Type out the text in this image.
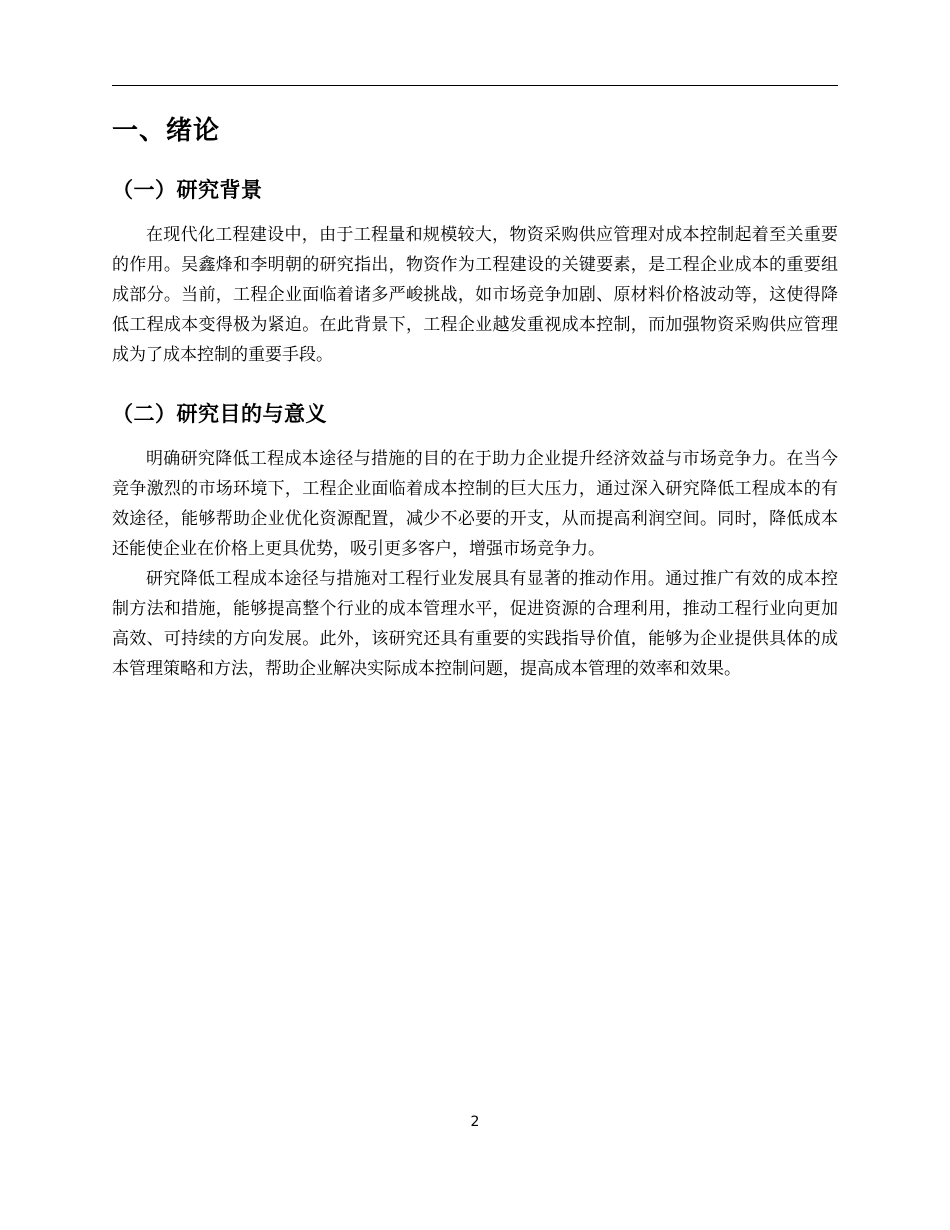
一、绪论
（一）研究背景

在现代化工程建设中，由于工程量和规模较大，物资采购供应管理对成本控制起着至关重要的作用。吴鑫烽和李明朝的研究指出，物资作为工程建设的关键要素，是工程企业成本的重要组成部分。当前，工程企业面临着诸多严峻挑战，如市场竞争加剧、原材料价格波动等，这使得降低工程成本变得极为紧迫。在此背景下，工程企业越发重视成本控制，而加强物资采购供应管理成为了成本控制的重要手段。

（二）研究目的与意义

明确研究降低工程成本途径与措施的目的在于助力企业提升经济效益与市场竞争力。在当今竞争激烈的市场环境下，工程企业面临着成本控制的巨大压力，通过深入研究降低工程成本的有效途径，能够帮助企业优化资源配置，减少不必要的开支，从而提高利润空间。同时，降低成本还能使企业在价格上更具优势，吸引更多客户，增强市场竞争力。

研究降低工程成本途径与措施对工程行业发展具有显著的推动作用。通过推广有效的成本控制方法和措施，能够提高整个行业的成本管理水平，促进资源的合理利用，推动工程行业向更加高效、可持续的方向发展。此外，该研究还具有重要的实践指导价值，能够为企业提供具体的成本管理策略和方法，帮助企业解决实际成本控制问题，提高成本管理的效率和效果。

2
